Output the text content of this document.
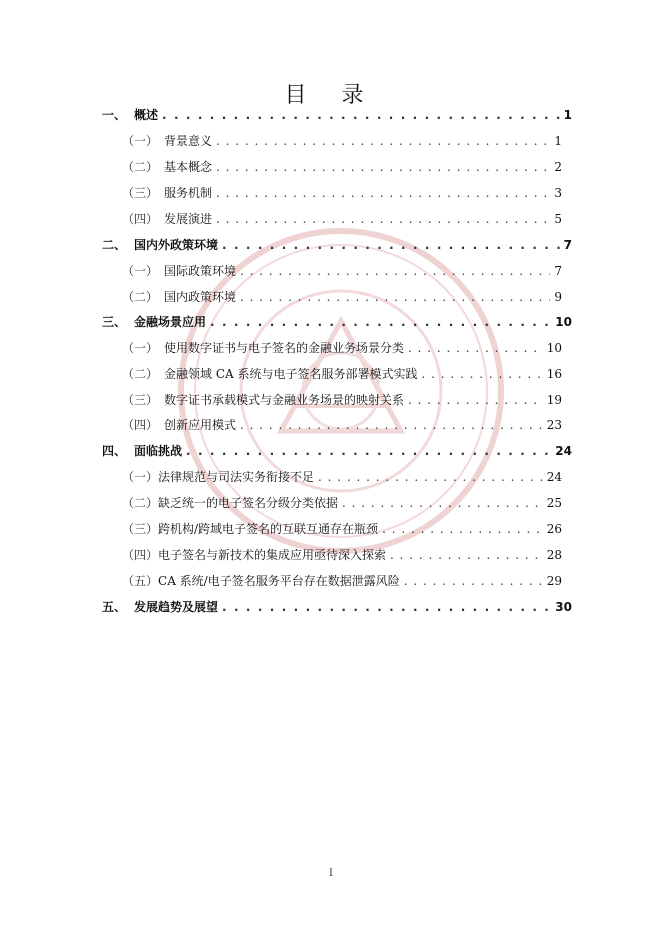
目 录
一、 概述 . . .	1
（一） 背景意义 . . .	1
（二） 基本概念 . . .	2
（三） 服务机制 . . .	3
（四） 发展演进 . . .	5
二、 国内外政策环境 . . .	7
（一） 国际政策环境 . . .	7
（二） 国内政策环境 . . .	9
三、 金融场景应用 . . .	10
（一） 使用数字证书与电子签名的金融业务场景分类 . . .	10
（二） 金融领域 CA 系统与电子签名服务部署模式实践 . . .	16
（三） 数字证书承载模式与金融业务场景的映射关系 . . .	19
（四） 创新应用模式 . . .	23
四、 面临挑战 . . .	24
（一） 法律规范与司法实务衔接不足 . . .	24
（二） 缺乏统一的电子签名分级分类依据 . . .	25
（三） 跨机构/跨域电子签名的互联互通存在瓶颈 . . .	26
（四） 电子签名与新技术的集成应用亟待深入探索 . . .	28
（五） CA 系统/电子签名服务平台存在数据泄露风险 . . .	29
五、 发展趋势及展望 . . .	30
I
